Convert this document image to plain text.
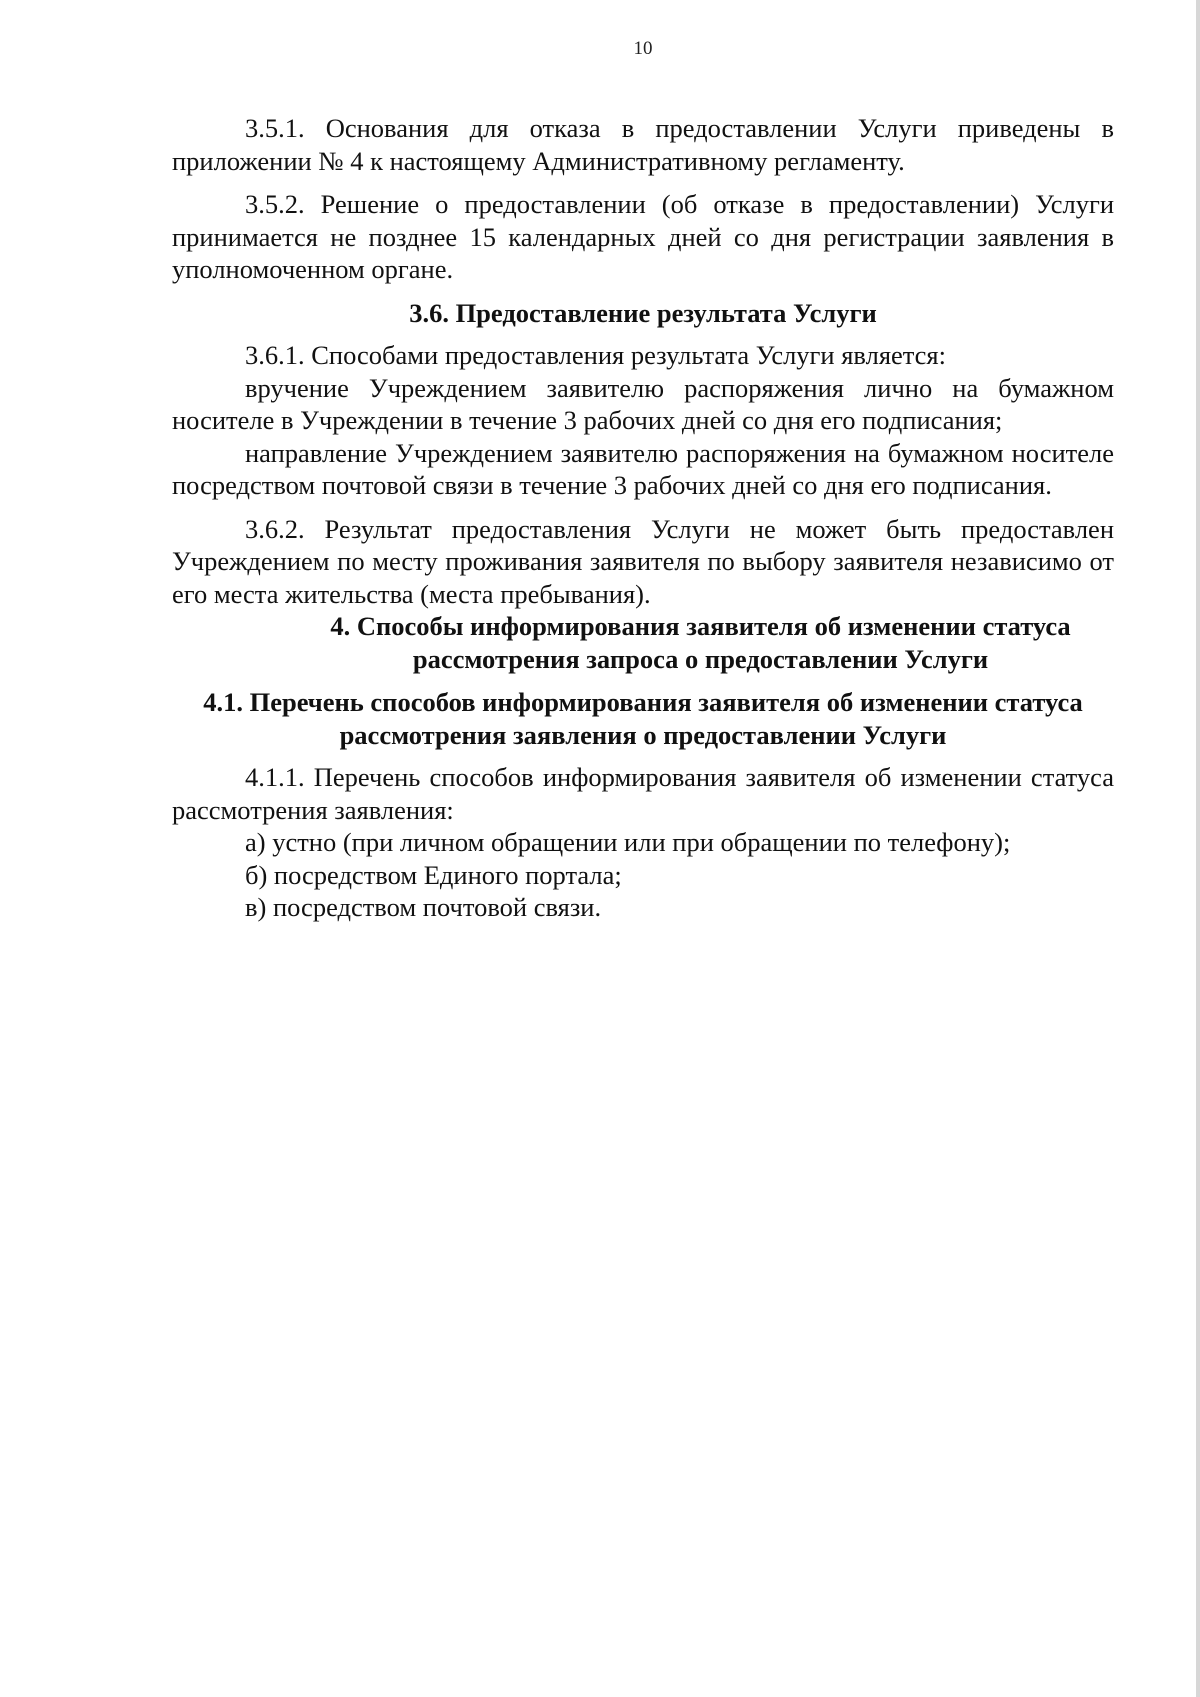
10

3.5.1. Основания для отказа в предоставлении Услуги приведены в приложении № 4 к настоящему Административному регламенту.

3.5.2. Решение о предоставлении (об отказе в предоставлении) Услуги принимается не позднее 15 календарных дней со дня регистрации заявления в уполномоченном органе.

3.6. Предоставление результата Услуги

3.6.1. Способами предоставления результата Услуги является:

вручение Учреждением заявителю распоряжения лично на бумажном носителе в Учреждении в течение 3 рабочих дней со дня его подписания;

направление Учреждением заявителю распоряжения на бумажном носителе посредством почтовой связи в течение 3 рабочих дней со дня его подписания.

3.6.2. Результат предоставления Услуги не может быть предоставлен Учреждением по месту проживания заявителя по выбору заявителя независимо от его места жительства (места пребывания).

4. Способы информирования заявителя об изменении статуса
рассмотрения запроса о предоставлении Услуги

4.1. Перечень способов информирования заявителя об изменении статуса рассмотрения заявления о предоставлении Услуги

4.1.1. Перечень способов информирования заявителя об изменении статуса рассмотрения заявления:

а) устно (при личном обращении или при обращении по телефону);

б) посредством Единого портала;

в) посредством почтовой связи.
